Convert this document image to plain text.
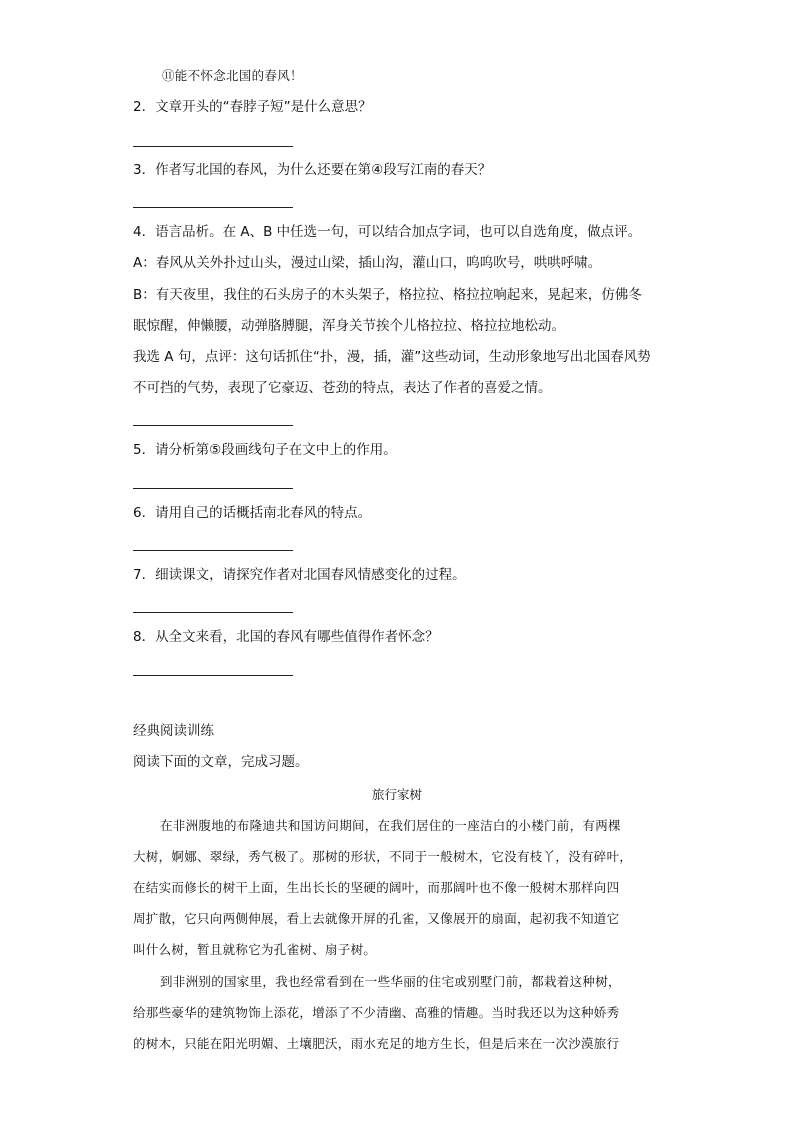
⑪能不怀念北国的春风！
2．文章开头的“春脖子短”是什么意思？
3．作者写北国的春风，为什么还要在第④段写江南的春天？
4．语言品析。在 A、B 中任选一句，可以结合加点字词，也可以自选角度，做点评。
A：春风从关外扑过山头，漫过山梁，插山沟，灌山口，呜呜吹号，哄哄呼啸。
B：有天夜里，我住的石头房子的木头架子，格拉拉、格拉拉响起来，晃起来，仿佛冬
眠惊醒，伸懒腰，动弹胳膊腿，浑身关节挨个儿格拉拉、格拉拉地松动。
我选 A 句，点评：这句话抓住“扑，漫，插，灌”这些动词，生动形象地写出北国春风势
不可挡的气势，表现了它豪迈、苍劲的特点，表达了作者的喜爱之情。
5．请分析第⑤段画线句子在文中上的作用。
6．请用自己的话概括南北春风的特点。
7．细读课文，请探究作者对北国春风情感变化的过程。
8．从全文来看，北国的春风有哪些值得作者怀念？
经典阅读训练
阅读下面的文章，完成习题。
旅行家树
在非洲腹地的布隆迪共和国访问期间，在我们居住的一座洁白的小楼门前，有两棵
大树，婀娜、翠绿，秀气极了。那树的形状，不同于一般树木，它没有枝丫，没有碎叶，
在结实而修长的树干上面，生出长长的坚硬的阔叶，而那阔叶也不像一般树木那样向四
周扩散，它只向两侧伸展，看上去就像开屏的孔雀，又像展开的扇面，起初我不知道它
叫什么树，暂且就称它为孔雀树、扇子树。
到非洲别的国家里，我也经常看到在一些华丽的住宅或别墅门前，都栽着这种树，
给那些豪华的建筑物饰上添花，增添了不少清幽、高雅的情趣。当时我还以为这种娇秀
的树木，只能在阳光明媚、土壤肥沃，雨水充足的地方生长，但是后来在一次沙漠旅行
